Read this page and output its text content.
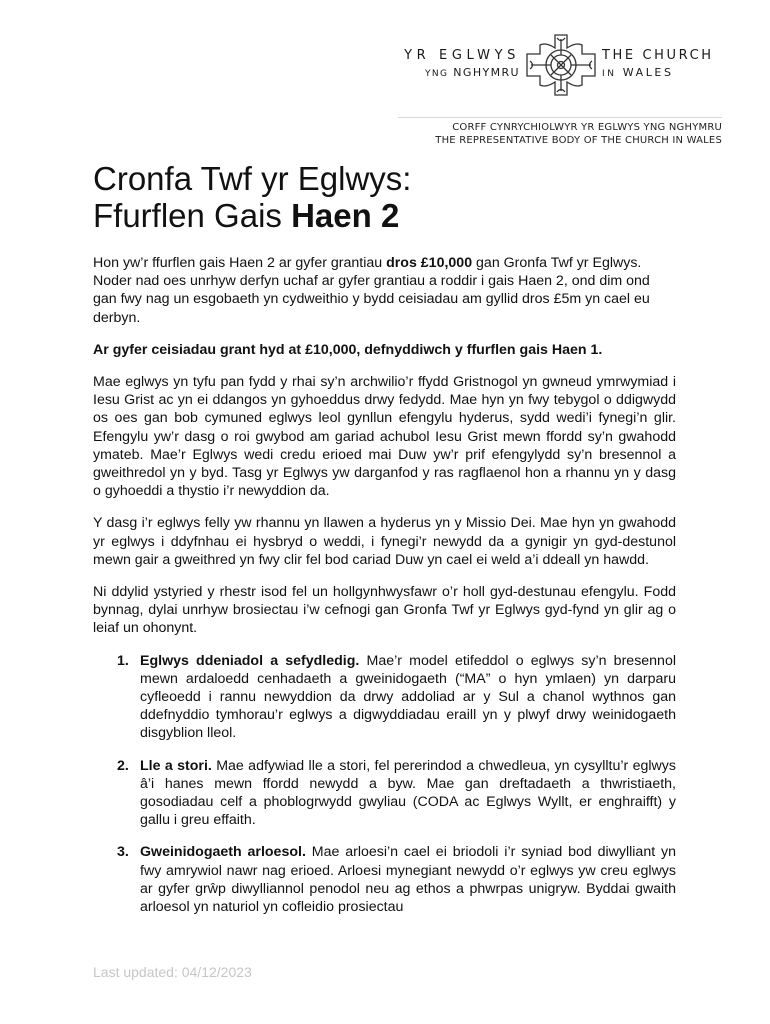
YR EGLWYS
YNG NGHYMRU
THE CHURCH
IN WALES
CORFF CYNRYCHIOLWYR YR EGLWYS YNG NGHYMRU
THE REPRESENTATIVE BODY OF THE CHURCH IN WALES
Cronfa Twf yr Eglwys:
Ffurflen Gais Haen 2

Hon yw’r ffurflen gais Haen 2 ar gyfer grantiau dros £10,000 gan Gronfa Twf yr Eglwys. Noder nad oes unrhyw derfyn uchaf ar gyfer grantiau a roddir i gais Haen 2, ond dim ond gan fwy nag un esgobaeth yn cydweithio y bydd ceisiadau am gyllid dros £5m yn cael eu derbyn.

Ar gyfer ceisiadau grant hyd at £10,000, defnyddiwch y ffurflen gais Haen 1.

Mae eglwys yn tyfu pan fydd y rhai sy’n archwilio’r ffydd Gristnogol yn gwneud ymrwymiad i Iesu Grist ac yn ei ddangos yn gyhoeddus drwy fedydd. Mae hyn yn fwy tebygol o ddigwydd os oes gan bob cymuned eglwys leol gynllun efengylu hyderus, sydd wedi’i fynegi’n glir. Efengylu yw’r dasg o roi gwybod am gariad achubol Iesu Grist mewn ffordd sy’n gwahodd ymateb. Mae’r Eglwys wedi credu erioed mai Duw yw’r prif efengylydd sy’n bresennol a gweithredol yn y byd. Tasg yr Eglwys yw darganfod y ras ragflaenol hon a rhannu yn y dasg o gyhoeddi a thystio i’r newyddion da.

Y dasg i’r eglwys felly yw rhannu yn llawen a hyderus yn y Missio Dei. Mae hyn yn gwahodd yr eglwys i ddyfnhau ei hysbryd o weddi, i fynegi’r newydd da a gynigir yn gyd-destunol mewn gair a gweithred yn fwy clir fel bod cariad Duw yn cael ei weld a’i ddeall yn hawdd.

Ni ddylid ystyried y rhestr isod fel un hollgynhwysfawr o’r holl gyd-destunau efengylu. Fodd bynnag, dylai unrhyw brosiectau i’w cefnogi gan Gronfa Twf yr Eglwys gyd-fynd yn glir ag o leiaf un ohonynt.

1. Eglwys ddeniadol a sefydledig. Mae’r model etifeddol o eglwys sy’n bresennol mewn ardaloedd cenhadaeth a gweinidogaeth (“MA” o hyn ymlaen) yn darparu cyfleoedd i rannu newyddion da drwy addoliad ar y Sul a chanol wythnos gan ddefnyddio tymhorau’r eglwys a digwyddiadau eraill yn y plwyf drwy weinidogaeth disgyblion lleol.
2. Lle a stori. Mae adfywiad lle a stori, fel pererindod a chwedleua, yn cysylltu’r eglwys â’i hanes mewn ffordd newydd a byw. Mae gan dreftadaeth a thwristiaeth, gosodiadau celf a phoblogrwydd gwyliau (CODA ac Eglwys Wyllt, er enghraifft) y gallu i greu effaith.
3. Gweinidogaeth arloesol. Mae arloesi’n cael ei briodoli i’r syniad bod diwylliant yn fwy amrywiol nawr nag erioed. Arloesi mynegiant newydd o’r eglwys yw creu eglwys ar gyfer grŵp diwylliannol penodol neu ag ethos a phwrpas unigryw. Byddai gwaith arloesol yn naturiol yn cofleidio prosiectau
Last updated: 04/12/2023
